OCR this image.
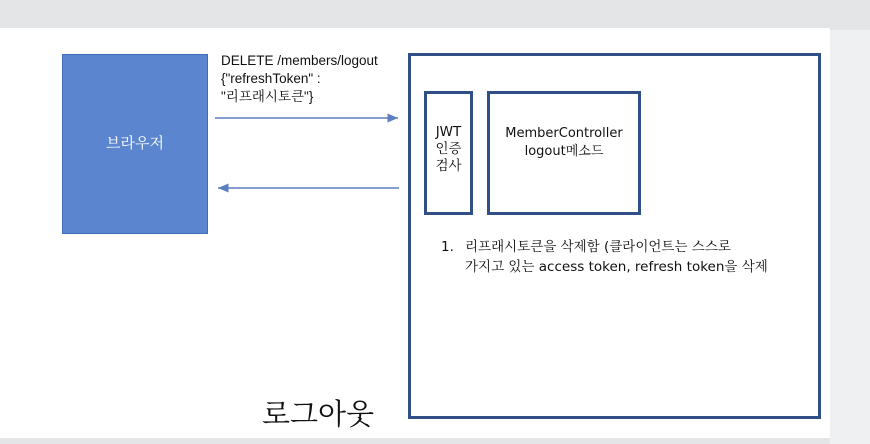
브라우저
DELETE /members/logout
{"refreshToken" :
"리프래시토큰"}
JWT
인증
검사
MemberController
logout메소드
1. 리프래시토큰을 삭제함 (클라이언트는 스스로
가지고 있는 access token, refresh token을 삭제
로그아웃
